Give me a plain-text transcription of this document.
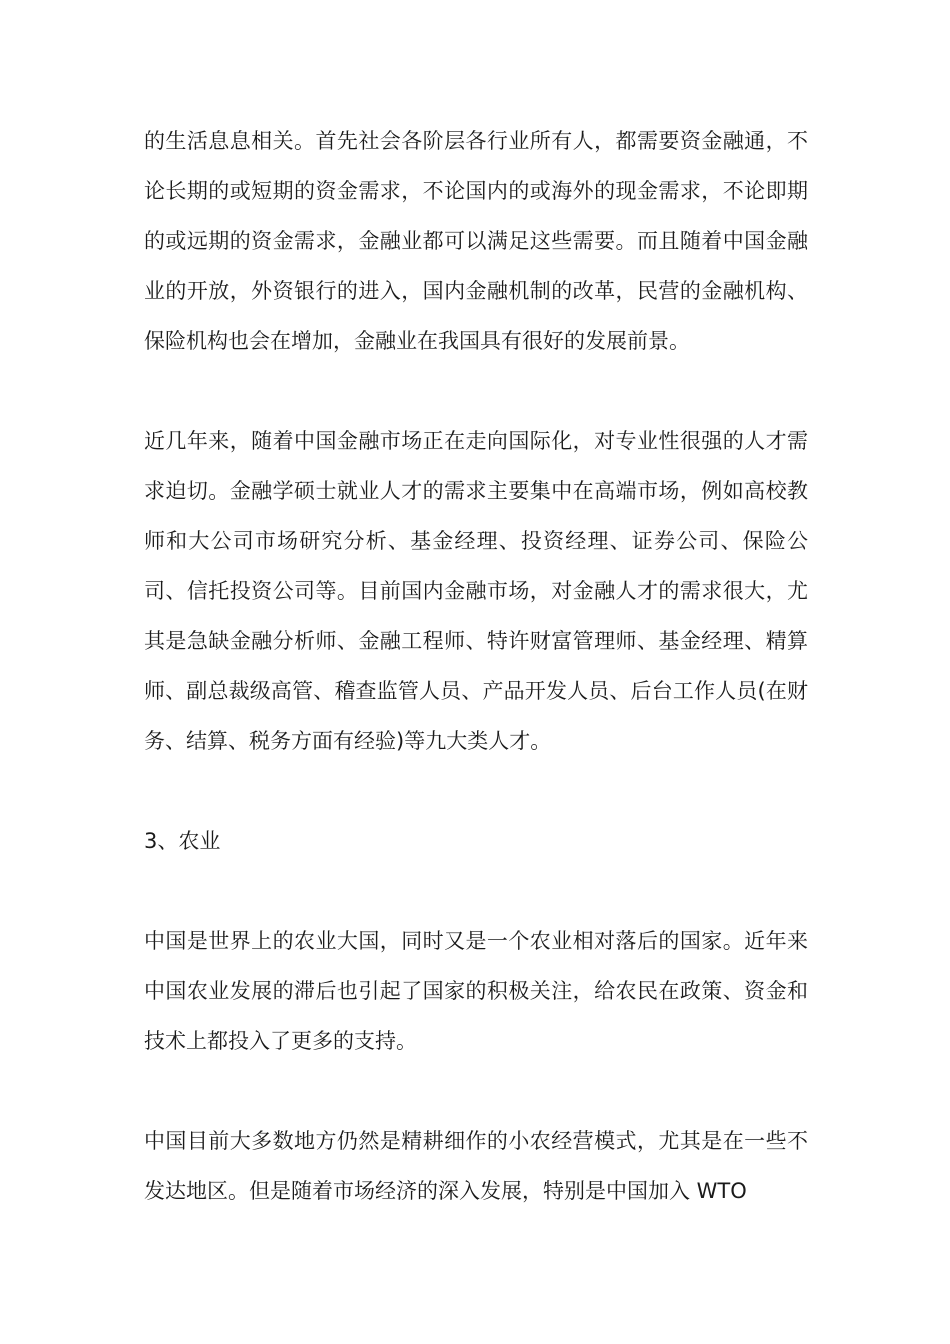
的生活息息相关。首先社会各阶层各行业所有人，都需要资金融通，不论长期的或短期的资金需求，不论国内的或海外的现金需求，不论即期的或远期的资金需求，金融业都可以满足这些需要。而且随着中国金融业的开放，外资银行的进入，国内金融机制的改革，民营的金融机构、保险机构也会在增加，金融业在我国具有很好的发展前景。

近几年来，随着中国金融市场正在走向国际化，对专业性很强的人才需求迫切。金融学硕士就业人才的需求主要集中在高端市场，例如高校教师和大公司市场研究分析、基金经理、投资经理、证券公司、保险公司、信托投资公司等。目前国内金融市场，对金融人才的需求很大，尤其是急缺金融分析师、金融工程师、特许财富管理师、基金经理、精算师、副总裁级高管、稽查监管人员、产品开发人员、后台工作人员(在财务、结算、税务方面有经验)等九大类人才。

3、农业

中国是世界上的农业大国，同时又是一个农业相对落后的国家。近年来中国农业发展的滞后也引起了国家的积极关注，给农民在政策、资金和技术上都投入了更多的支持。

中国目前大多数地方仍然是精耕细作的小农经营模式，尤其是在一些不发达地区。但是随着市场经济的深入发展，特别是中国加入 WTO
